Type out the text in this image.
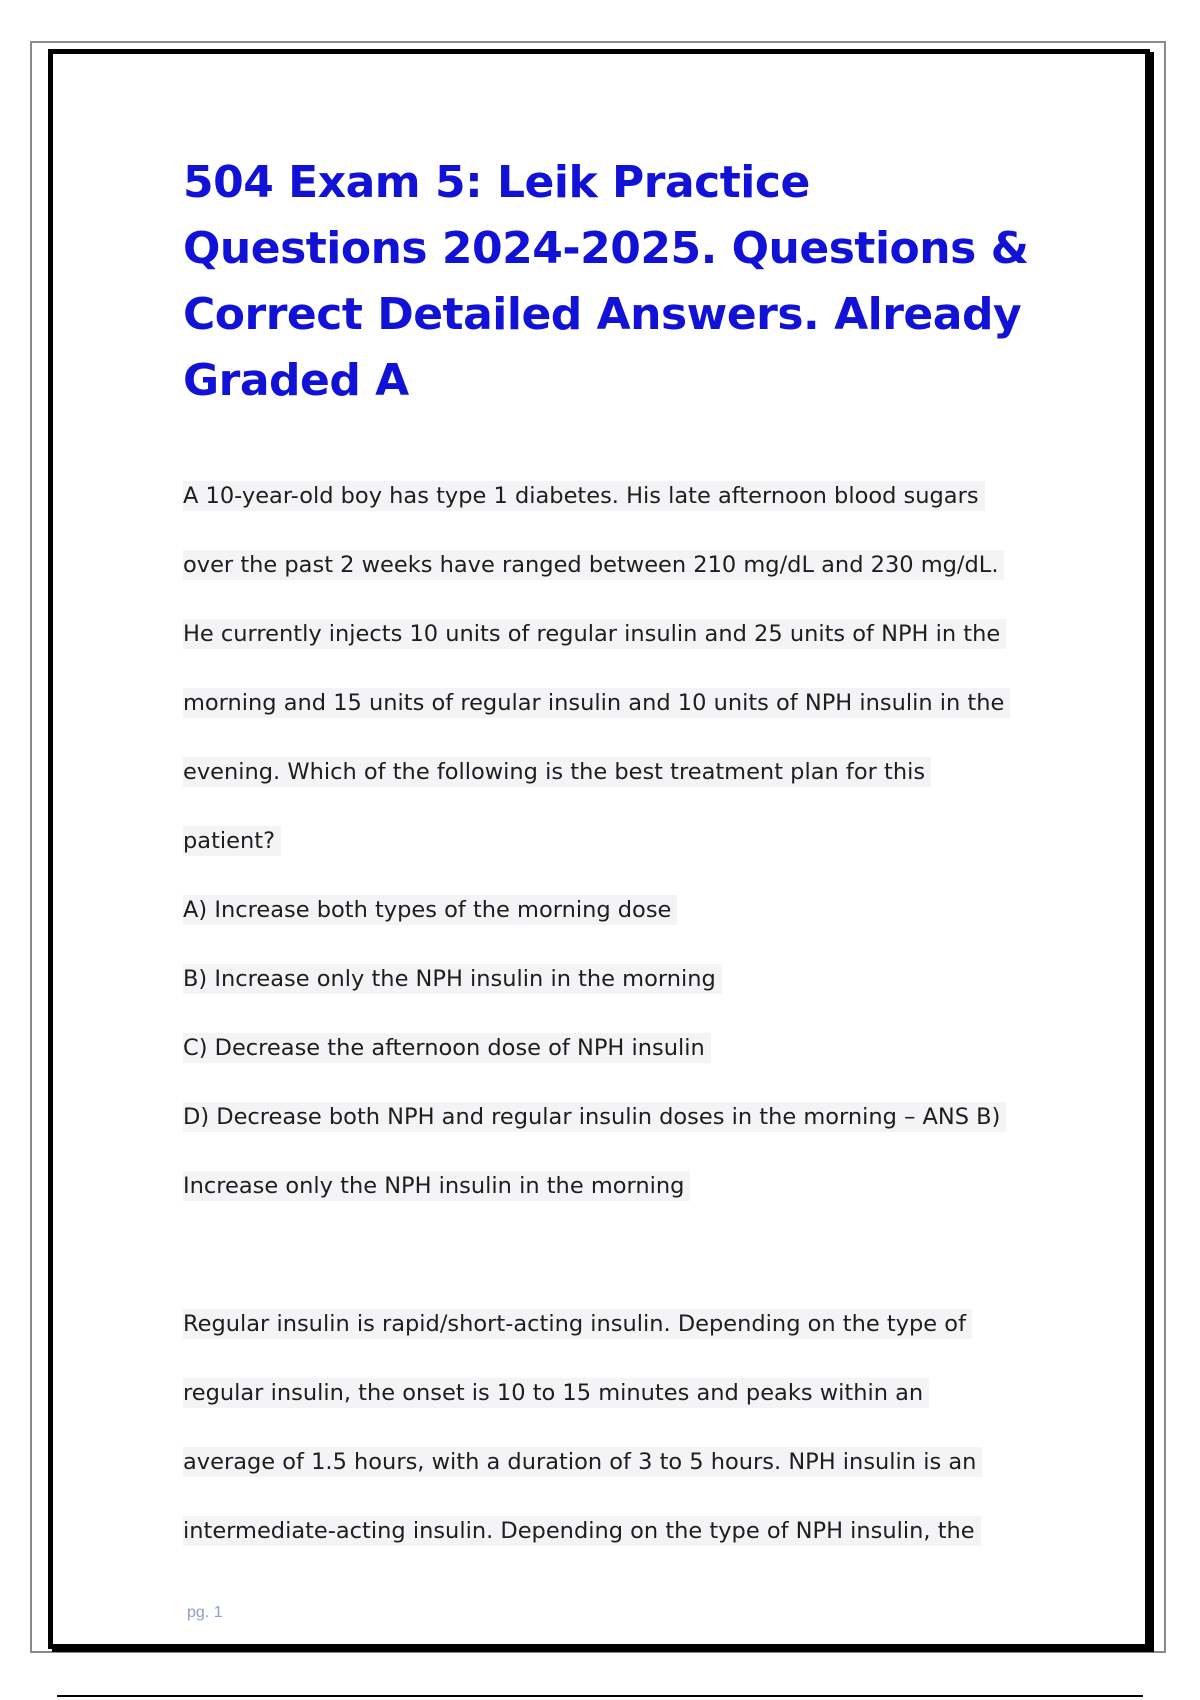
504 Exam 5: Leik Practice Questions 2024-2025. Questions & Correct Detailed Answers. Already Graded A
A 10-year-old boy has type 1 diabetes. His late afternoon blood sugars
over the past 2 weeks have ranged between 210 mg/dL and 230 mg/dL.
He currently injects 10 units of regular insulin and 25 units of NPH in the
morning and 15 units of regular insulin and 10 units of NPH insulin in the
evening. Which of the following is the best treatment plan for this
patient?
A) Increase both types of the morning dose
B) Increase only the NPH insulin in the morning
C) Decrease the afternoon dose of NPH insulin
D) Decrease both NPH and regular insulin doses in the morning – ANS B)
Increase only the NPH insulin in the morning
Regular insulin is rapid/short-acting insulin. Depending on the type of
regular insulin, the onset is 10 to 15 minutes and peaks within an
average of 1.5 hours, with a duration of 3 to 5 hours. NPH insulin is an
intermediate-acting insulin. Depending on the type of NPH insulin, the
pg. 1
